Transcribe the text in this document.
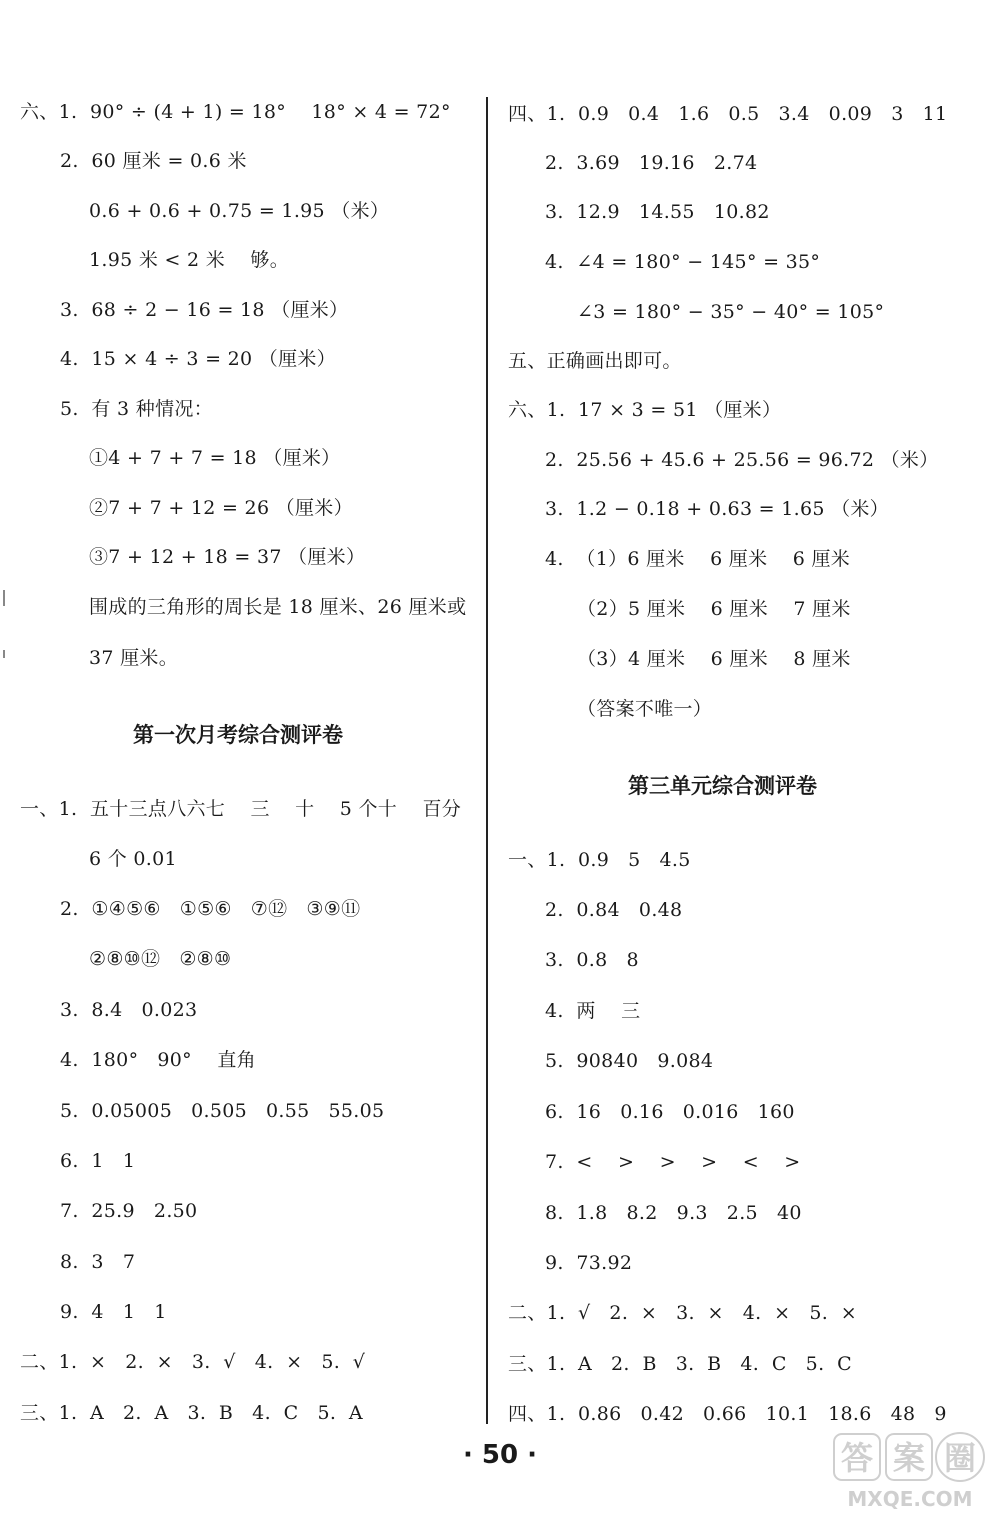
六、1.  90° ÷ (4 + 1) = 18°    18° × 4 = 72°
2.  60 厘米 = 0.6 米
0.6 + 0.6 + 0.75 = 1.95 （米）
1.95 米 < 2 米    够。
3.  68 ÷ 2 − 16 = 18 （厘米）
4.  15 × 4 ÷ 3 = 20 （厘米）
5.  有 3 种情况：
①4 + 7 + 7 = 18 （厘米）
②7 + 7 + 12 = 26 （厘米）
③7 + 12 + 18 = 37 （厘米）
围成的三角形的周长是 18 厘米、26 厘米或
37 厘米。
第一次月考综合测评卷
一、1.  五十三点八六七    三    十    5 个十    百分
6 个 0.01
2.  ①④⑤⑥   ①⑤⑥   ⑦⑫   ③⑨⑪
②⑧⑩⑫   ②⑧⑩
3.  8.4   0.023
4.  180°   90°    直角
5.  0.05005   0.505   0.55   55.05
6.  1   1
7.  25.9   2.50
8.  3   7
9.  4   1   1
二、1.  ×   2.  ×   3.  √   4.  ×   5.  √
三、1.  A   2.  A   3.  B   4.  C   5.  A
四、1.  0.9   0.4   1.6   0.5   3.4   0.09   3   11
2.  3.69   19.16   2.74
3.  12.9   14.55   10.82
4.  ∠4 = 180° − 145° = 35°
∠3 = 180° − 35° − 40° = 105°
五、正确画出即可。
六、1.  17 × 3 = 51 （厘米）
2.  25.56 + 45.6 + 25.56 = 96.72 （米）
3.  1.2 − 0.18 + 0.63 = 1.65 （米）
4.  （1）6 厘米    6 厘米    6 厘米
（2）5 厘米    6 厘米    7 厘米
（3）4 厘米    6 厘米    8 厘米
（答案不唯一）
第三单元综合测评卷
一、1.  0.9   5   4.5
2.  0.84   0.48
3.  0.8   8
4.  两    三
5.  90840   9.084
6.  16   0.16   0.016   160
7.  <    >    >    >    <    >
8.  1.8   8.2   9.3   2.5   40
9.  73.92
二、1.  √   2.  ×   3.  ×   4.  ×   5.  ×
三、1.  A   2.  B   3.  B   4.  C   5.  C
四、1.  0.86   0.42   0.66   10.1   18.6   48   9
· 50 ·	答 案 圈
MXQE.COM
